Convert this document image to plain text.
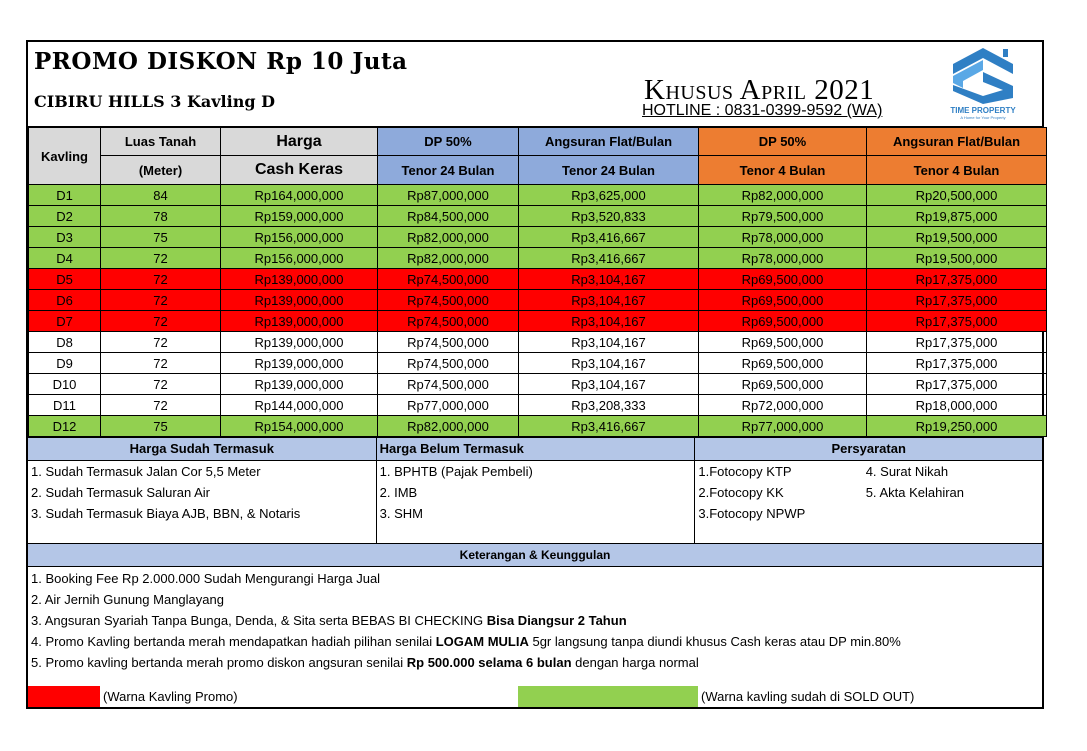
PROMO DISKON Rp 10 Juta
CIBIRU HILLS 3 Kavling D	Khusus April 2021
HOTLINE : 0831-0399-9592 (WA)	TIME PROPERTY
A Home for Your Property
Kavling	Luas Tanah	Harga	DP 50%	Angsuran Flat/Bulan	DP 50%	Angsuran Flat/Bulan
	(Meter)	Cash Keras	Tenor 24 Bulan	Tenor 24 Bulan	Tenor 4 Bulan	Tenor 4 Bulan
D1	84	Rp164,000,000	Rp87,000,000	Rp3,625,000	Rp82,000,000	Rp20,500,000
D2	78	Rp159,000,000	Rp84,500,000	Rp3,520,833	Rp79,500,000	Rp19,875,000
D3	75	Rp156,000,000	Rp82,000,000	Rp3,416,667	Rp78,000,000	Rp19,500,000
D4	72	Rp156,000,000	Rp82,000,000	Rp3,416,667	Rp78,000,000	Rp19,500,000
D5	72	Rp139,000,000	Rp74,500,000	Rp3,104,167	Rp69,500,000	Rp17,375,000
D6	72	Rp139,000,000	Rp74,500,000	Rp3,104,167	Rp69,500,000	Rp17,375,000
D7	72	Rp139,000,000	Rp74,500,000	Rp3,104,167	Rp69,500,000	Rp17,375,000
D8	72	Rp139,000,000	Rp74,500,000	Rp3,104,167	Rp69,500,000	Rp17,375,000
D9	72	Rp139,000,000	Rp74,500,000	Rp3,104,167	Rp69,500,000	Rp17,375,000
D10	72	Rp139,000,000	Rp74,500,000	Rp3,104,167	Rp69,500,000	Rp17,375,000
D11	72	Rp144,000,000	Rp77,000,000	Rp3,208,333	Rp72,000,000	Rp18,000,000
D12	75	Rp154,000,000	Rp82,000,000	Rp3,416,667	Rp77,000,000	Rp19,250,000
Harga Sudah Termasuk	Harga Belum Termasuk	Persyaratan
1. Sudah Termasuk Jalan Cor 5,5 Meter
2. Sudah Termasuk Saluran Air
3. Sudah Termasuk Biaya AJB, BBN, & Notaris
1. BPHTB (Pajak Pembeli)
2. IMB
3. SHM
1.Fotocopy KTP
2.Fotocopy KK
3.Fotocopy NPWP
4. Surat Nikah
5. Akta Kelahiran
Keterangan & Keunggulan
1. Booking Fee Rp 2.000.000 Sudah Mengurangi Harga Jual
2. Air Jernih Gunung Manglayang
3. Angsuran Syariah Tanpa Bunga, Denda, & Sita serta BEBAS BI CHECKING Bisa Diangsur 2 Tahun
4. Promo Kavling bertanda merah mendapatkan hadiah pilihan senilai LOGAM MULIA 5gr langsung tanpa diundi khusus Cash keras atau DP min.80%
5. Promo kavling bertanda merah promo diskon angsuran senilai Rp 500.000 selama 6 bulan dengan harga normal
(Warna Kavling Promo)	(Warna kavling sudah di SOLD OUT)
